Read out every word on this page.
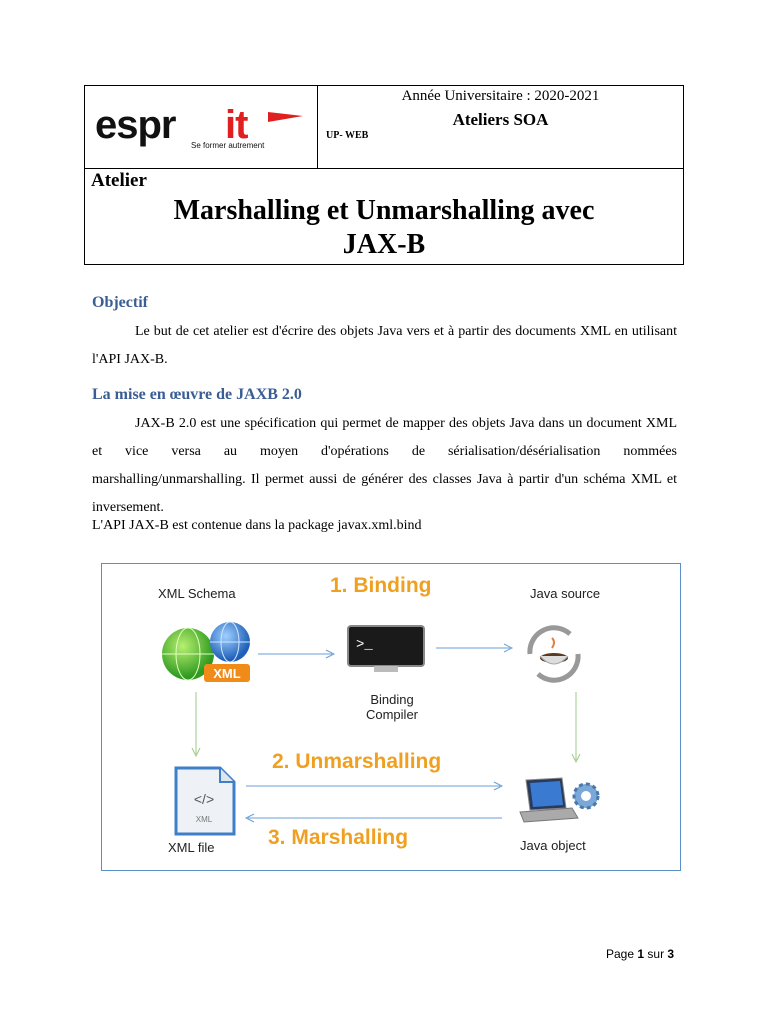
espr it
Se former autrement
Année Universitaire : 2020-2021
Ateliers SOA
UP- WEB
Atelier
Marshalling et Unmarshalling avec
JAX-B
Objectif
Le but de cet atelier est d'écrire des objets Java vers et à partir des documents XML en utilisant l'API JAX-B.
La mise en œuvre de JAXB 2.0
JAX-B 2.0 est une spécification qui permet de mapper des objets Java dans un document XML et vice versa au moyen d'opérations de sérialisation/désérialisation nommées marshalling/unmarshalling. Il permet aussi de générer des classes Java à partir d'un schéma XML et inversement.
L'API JAX-B est contenue dans la package javax.xml.bind
XML Schema	1. Binding	Java source
XML
>_
Binding
Compiler
2. Unmarshalling
</>
XML
3. Marshalling
XML file	Java object
Page 1 sur 3
